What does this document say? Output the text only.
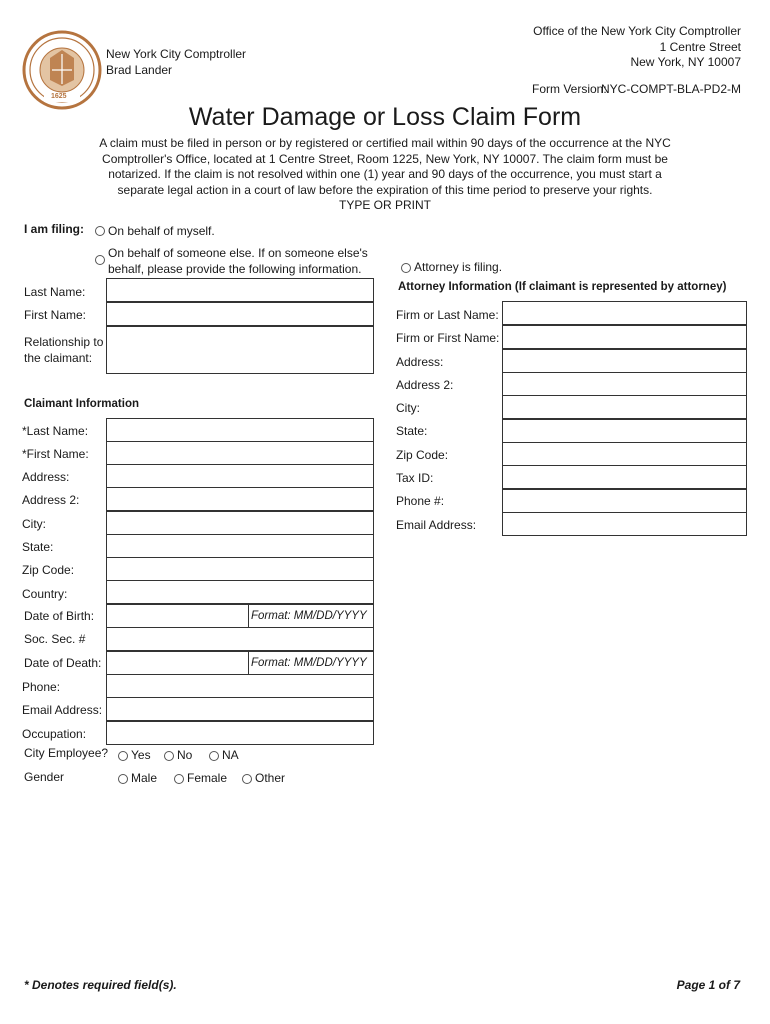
1625
New York City Comptroller
Brad Lander
Office of the New York City Comptroller
1 Centre Street
New York, NY 10007
Form Version:
NYC-COMPT-BLA-PD2-M
Water Damage or Loss Claim Form
A claim must be filed in person or by registered or certified mail within 90 days of the occurrence at the NYC
Comptroller's Office, located at 1 Centre Street, Room 1225, New York, NY 10007. The claim form must be
notarized. If the claim is not resolved within one (1) year and 90 days of the occurrence, you must start a
separate legal action in a court of law before the expiration of this time period to preserve your rights.
TYPE OR PRINT
I am filing: On behalf of myself.
On behalf of someone else. If on someone else's
behalf, please provide the following information.	Attorney is filing.
Last Name:
First Name:
Relationship to
the claimant:
Attorney Information (If claimant is represented by attorney)
Firm or Last Name:
Firm or First Name:
Address:
Address 2:
City:
State:
Zip Code:
Tax ID:
Phone #:
Email Address:
Claimant Information
*Last Name:
*First Name:
Address:
Address 2:
City:
State:
Zip Code:
Country:
Date of Birth:	Format: MM/DD/YYYY
Soc. Sec. #
Date of Death:	Format: MM/DD/YYYY
Phone:
Email Address:
Occupation:
City Employee? Yes No NA
Gender	Male Female Other
* Denotes required field(s).	Page 1 of 7
